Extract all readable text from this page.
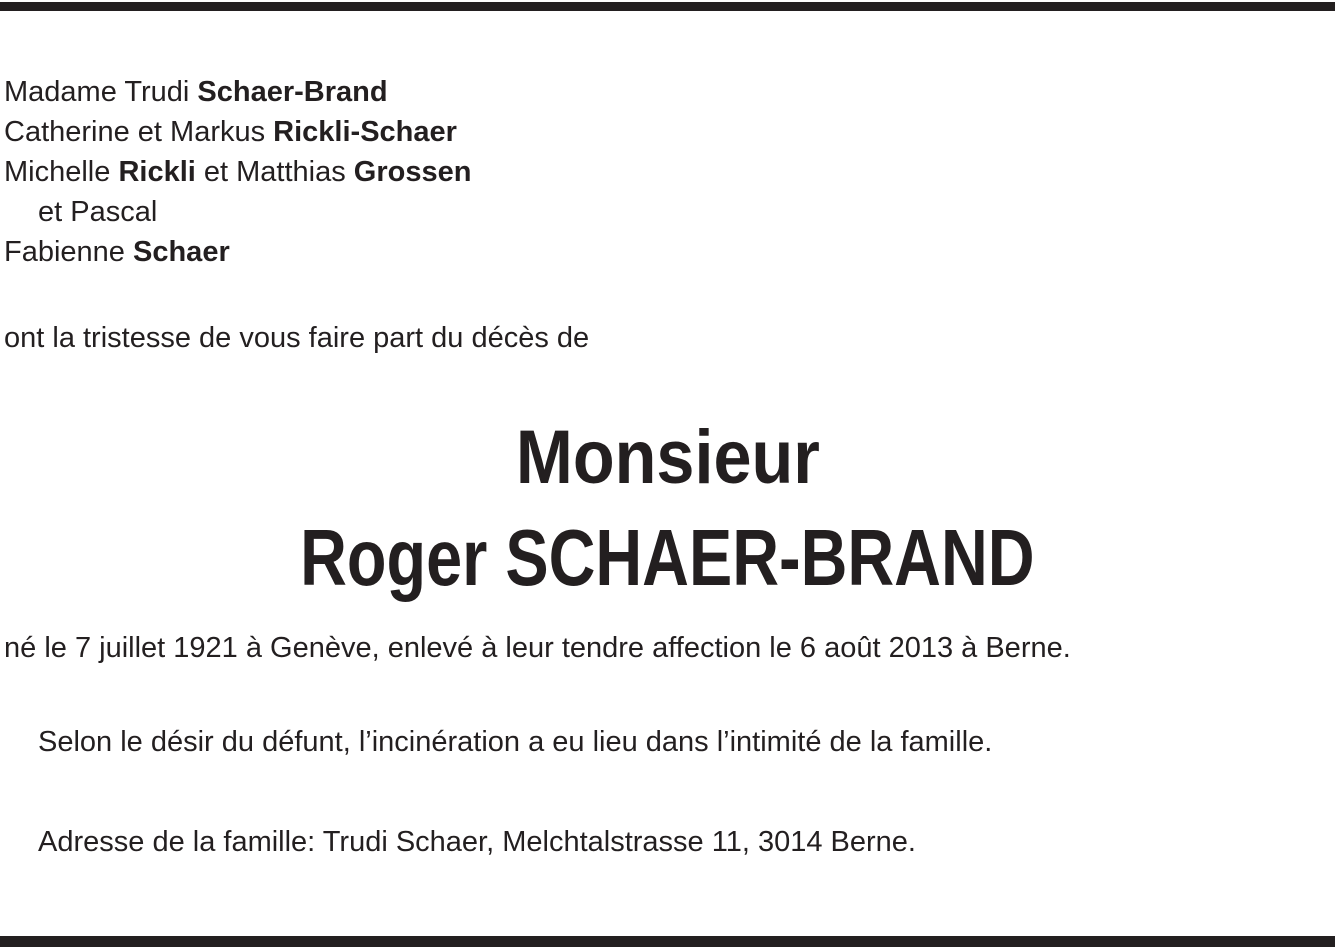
Madame Trudi Schaer-Brand
Catherine et Markus Rickli-Schaer
Michelle Rickli et Matthias Grossen
et Pascal
Fabienne Schaer
ont la tristesse de vous faire part du décès de
Monsieur
Roger SCHAER-BRAND
né le 7 juillet 1921 à Genève, enlevé à leur tendre affection le 6 août 2013 à Berne.
Selon le désir du défunt, l’incinération a eu lieu dans l’intimité de la famille.
Adresse de la famille: Trudi Schaer, Melchtalstrasse 11, 3014 Berne.
